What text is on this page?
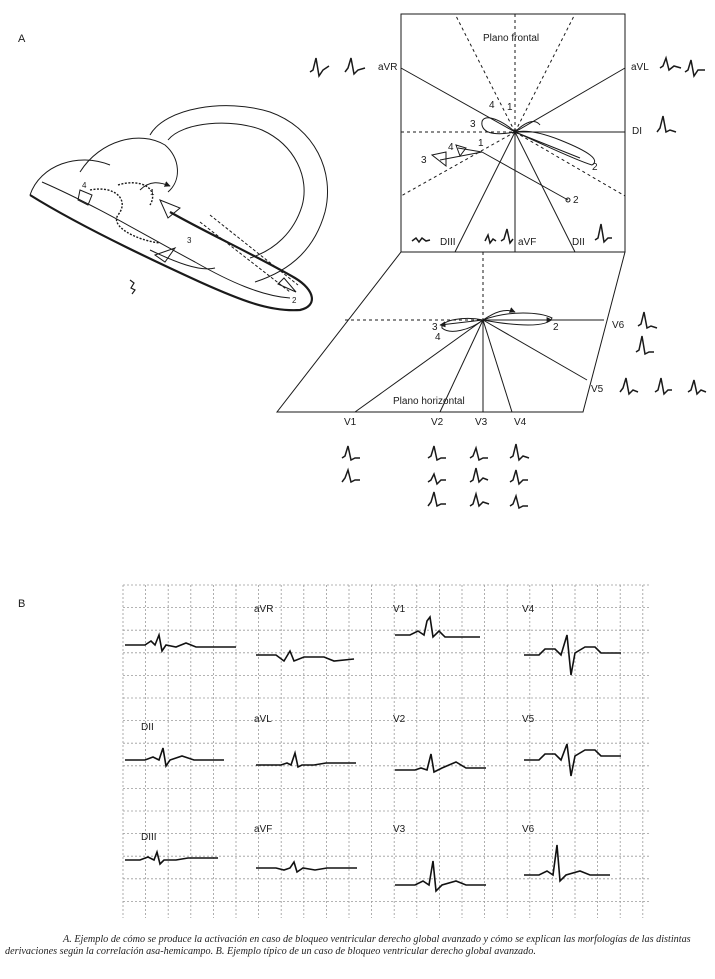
A
4
1
3
2
Plano frontal
aVR	aVL
DI
DIII	aVF	DII
4 1
3
2
4 1
3
2
Plano horizontal
V1	V2	V3	V4
V6
V5
3
4
2
B	aVR	V1	V4
DII
aVL	V2	V5
DIII
aVF	V3	V6
A. Ejemplo de cómo se produce la activación en caso de bloqueo ventricular derecho global avanzado y cómo se explican las morfologías de las distintas derivaciones según la correlación asa-hemicampo. B. Ejemplo típico de un caso de bloqueo ventricular derecho global avanzado.
